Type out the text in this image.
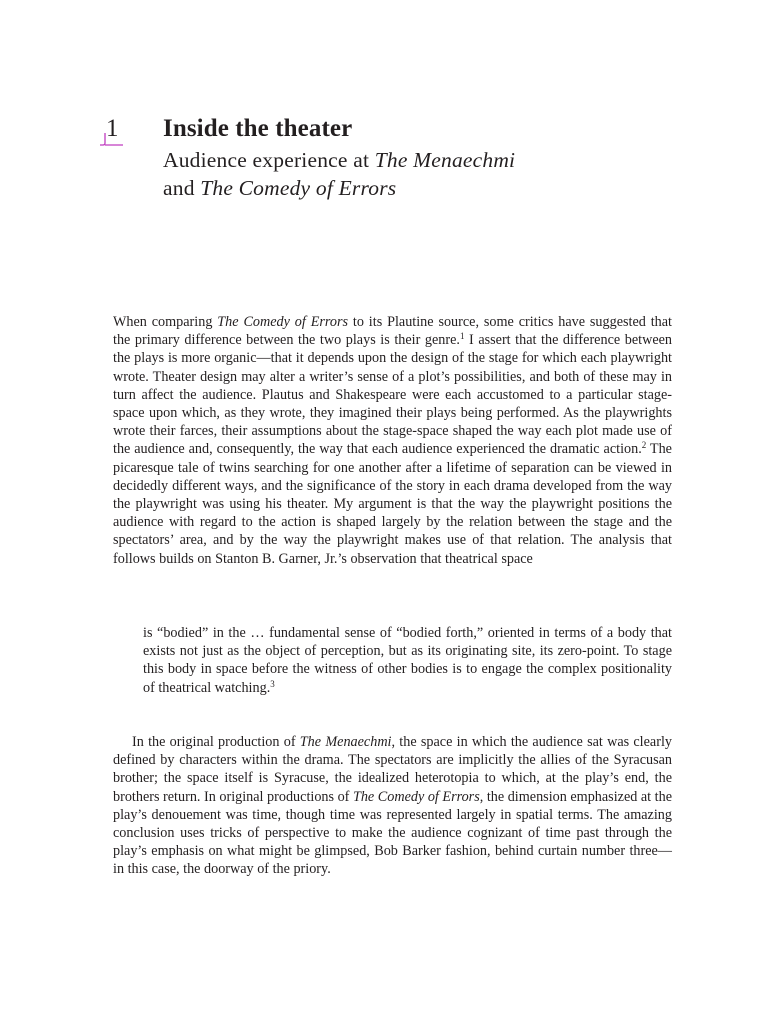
1 Inside the theater
Audience experience at The Menaechmi
and The Comedy of Errors
When comparing The Comedy of Errors to its Plautine source, some critics have suggested that the primary difference between the two plays is their genre.$^1$ I assert that the difference between the plays is more organic—that it depends upon the design of the stage for which each playwright wrote. Theater design may alter a writer’s sense of a plot’s possibilities, and both of these may in turn affect the audience. Plautus and Shakespeare were each accustomed to a particular stage-space upon which, as they wrote, they imagined their plays being performed. As the playwrights wrote their farces, their assumptions about the stage-space shaped the way each plot made use of the audience and, consequently, the way that each audience experienced the dramatic action.$^2$ The picaresque tale of twins searching for one another after a lifetime of separation can be viewed in decidedly different ways, and the significance of the story in each drama developed from the way the playwright was using his theater. My argument is that the way the playwright positions the audience with regard to the action is shaped largely by the relation between the stage and the spectators’ area, and by the way the playwright makes use of that relation. The analysis that follows builds on Stanton B. Garner, Jr.’s observation that theatrical space
is “bodied” in the … fundamental sense of “bodied forth,” oriented in terms of a body that exists not just as the object of perception, but as its originating site, its zero-point. To stage this body in space before the witness of other bodies is to engage the complex positionality of theatrical watching.$^3$
In the original production of The Menaechmi, the space in which the audience sat was clearly defined by characters within the drama. The spectators are implicitly the allies of the Syracusan brother; the space itself is Syracuse, the idealized heterotopia to which, at the play’s end, the brothers return. In original productions of The Comedy of Errors, the dimension emphasized at the play’s denouement was time, though time was represented largely in spatial terms. The amazing conclusion uses tricks of perspective to make the audience cognizant of time past through the play’s emphasis on what might be glimpsed, Bob Barker fashion, behind curtain number three—in this case, the doorway of the priory.
